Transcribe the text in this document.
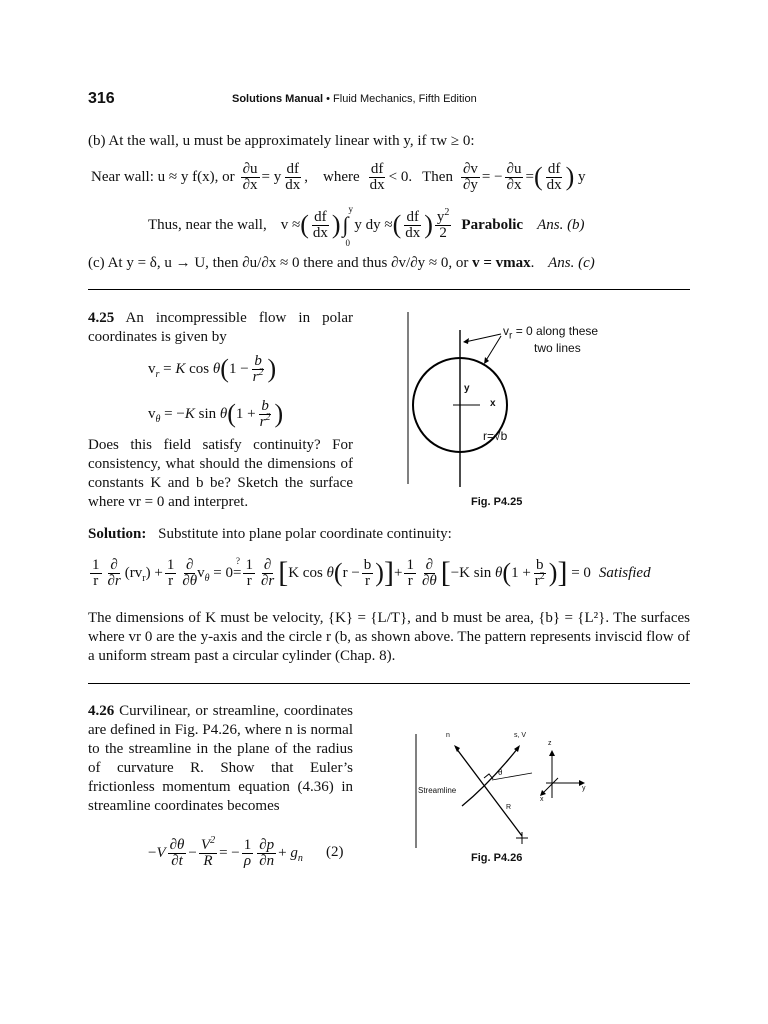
316	Solutions Manual • Fluid Mechanics, Fifth Edition
(b) At the wall, u must be approximately linear with y, if τw ≥ 0:
Near wall: u ≈ y f(x), or $\frac{\partial u}{\partial x} = y \frac{df}{dx}$ , where $\frac{df}{dx} < 0$. Then $\frac{\partial v}{\partial y}$ = − $\frac{\partial u}{\partial x}$ = ( $\frac{df}{dx}$ ) y
Thus, near the wall, v ≈ ( $\frac{df}{dx}$ ) ∫
y
0
y dy ≈ ( $\frac{df}{dx}$ ) $\frac{y^2}{2}$ Parabolic Ans. (b)
(c) At y = δ, u → U, then ∂u/∂x ≈ 0 there and thus ∂v/∂y ≈ 0, or v = vmax. Ans. (c)
4.25 An incompressible flow in polar coordinates is given by
$v_r = K$ cos θ ( $1 - \frac{b}{r^2}$ )
$v_\theta = -K$ sin θ ( $1 + \frac{b}{r^2}$ )
Does this field satisfy continuity? For consistency, what should the dimensions of constants K and b be? Sketch the surface where vr = 0 and interpret.
$v_r = 0$ along these
two lines
y
x
r=√b
Fig. P4.25
Solution: Substitute into plane polar coordinate continuity:
$\frac{1}{r} \frac{\partial}{\partial r} (rv_r) + \frac{1}{r} \frac{\partial}{\partial\theta}$
$v_\theta = 0$ =
? $\frac{1}{r} \frac{\partial}{\partial r}$ [ K cos θ ( $r - \frac{b}{r}$ ) ] + $\frac{1}{r} \frac{\partial}{\partial\theta}$ [ −K sin θ ( $1 + \frac{b}{r^2}$ ) ] = 0 Satisfied
The dimensions of K must be velocity, {K} = {L/T}, and b must be area, {b} = {L²}. The surfaces where vr 0 are the y-axis and the circle r (b, as shown above. The pattern represents inviscid flow of a uniform stream past a circular cylinder (Chap. 8).
4.26 Curvilinear, or streamline, coordinates are defined in Fig. P4.26, where n is normal to the streamline in the plane of the radius of curvature R. Show that Euler’s frictionless momentum equation (4.36) in streamline coordinates becomes
$-V \frac{\partial\theta}{\partial t} - \frac{V^2}{R}$ = − $\frac{1}{\rho} \frac{\partial p}{\partial n} + g_n$ (2)
n	s, V
θ
Streamline
R
z
x
y
Fig. P4.26
